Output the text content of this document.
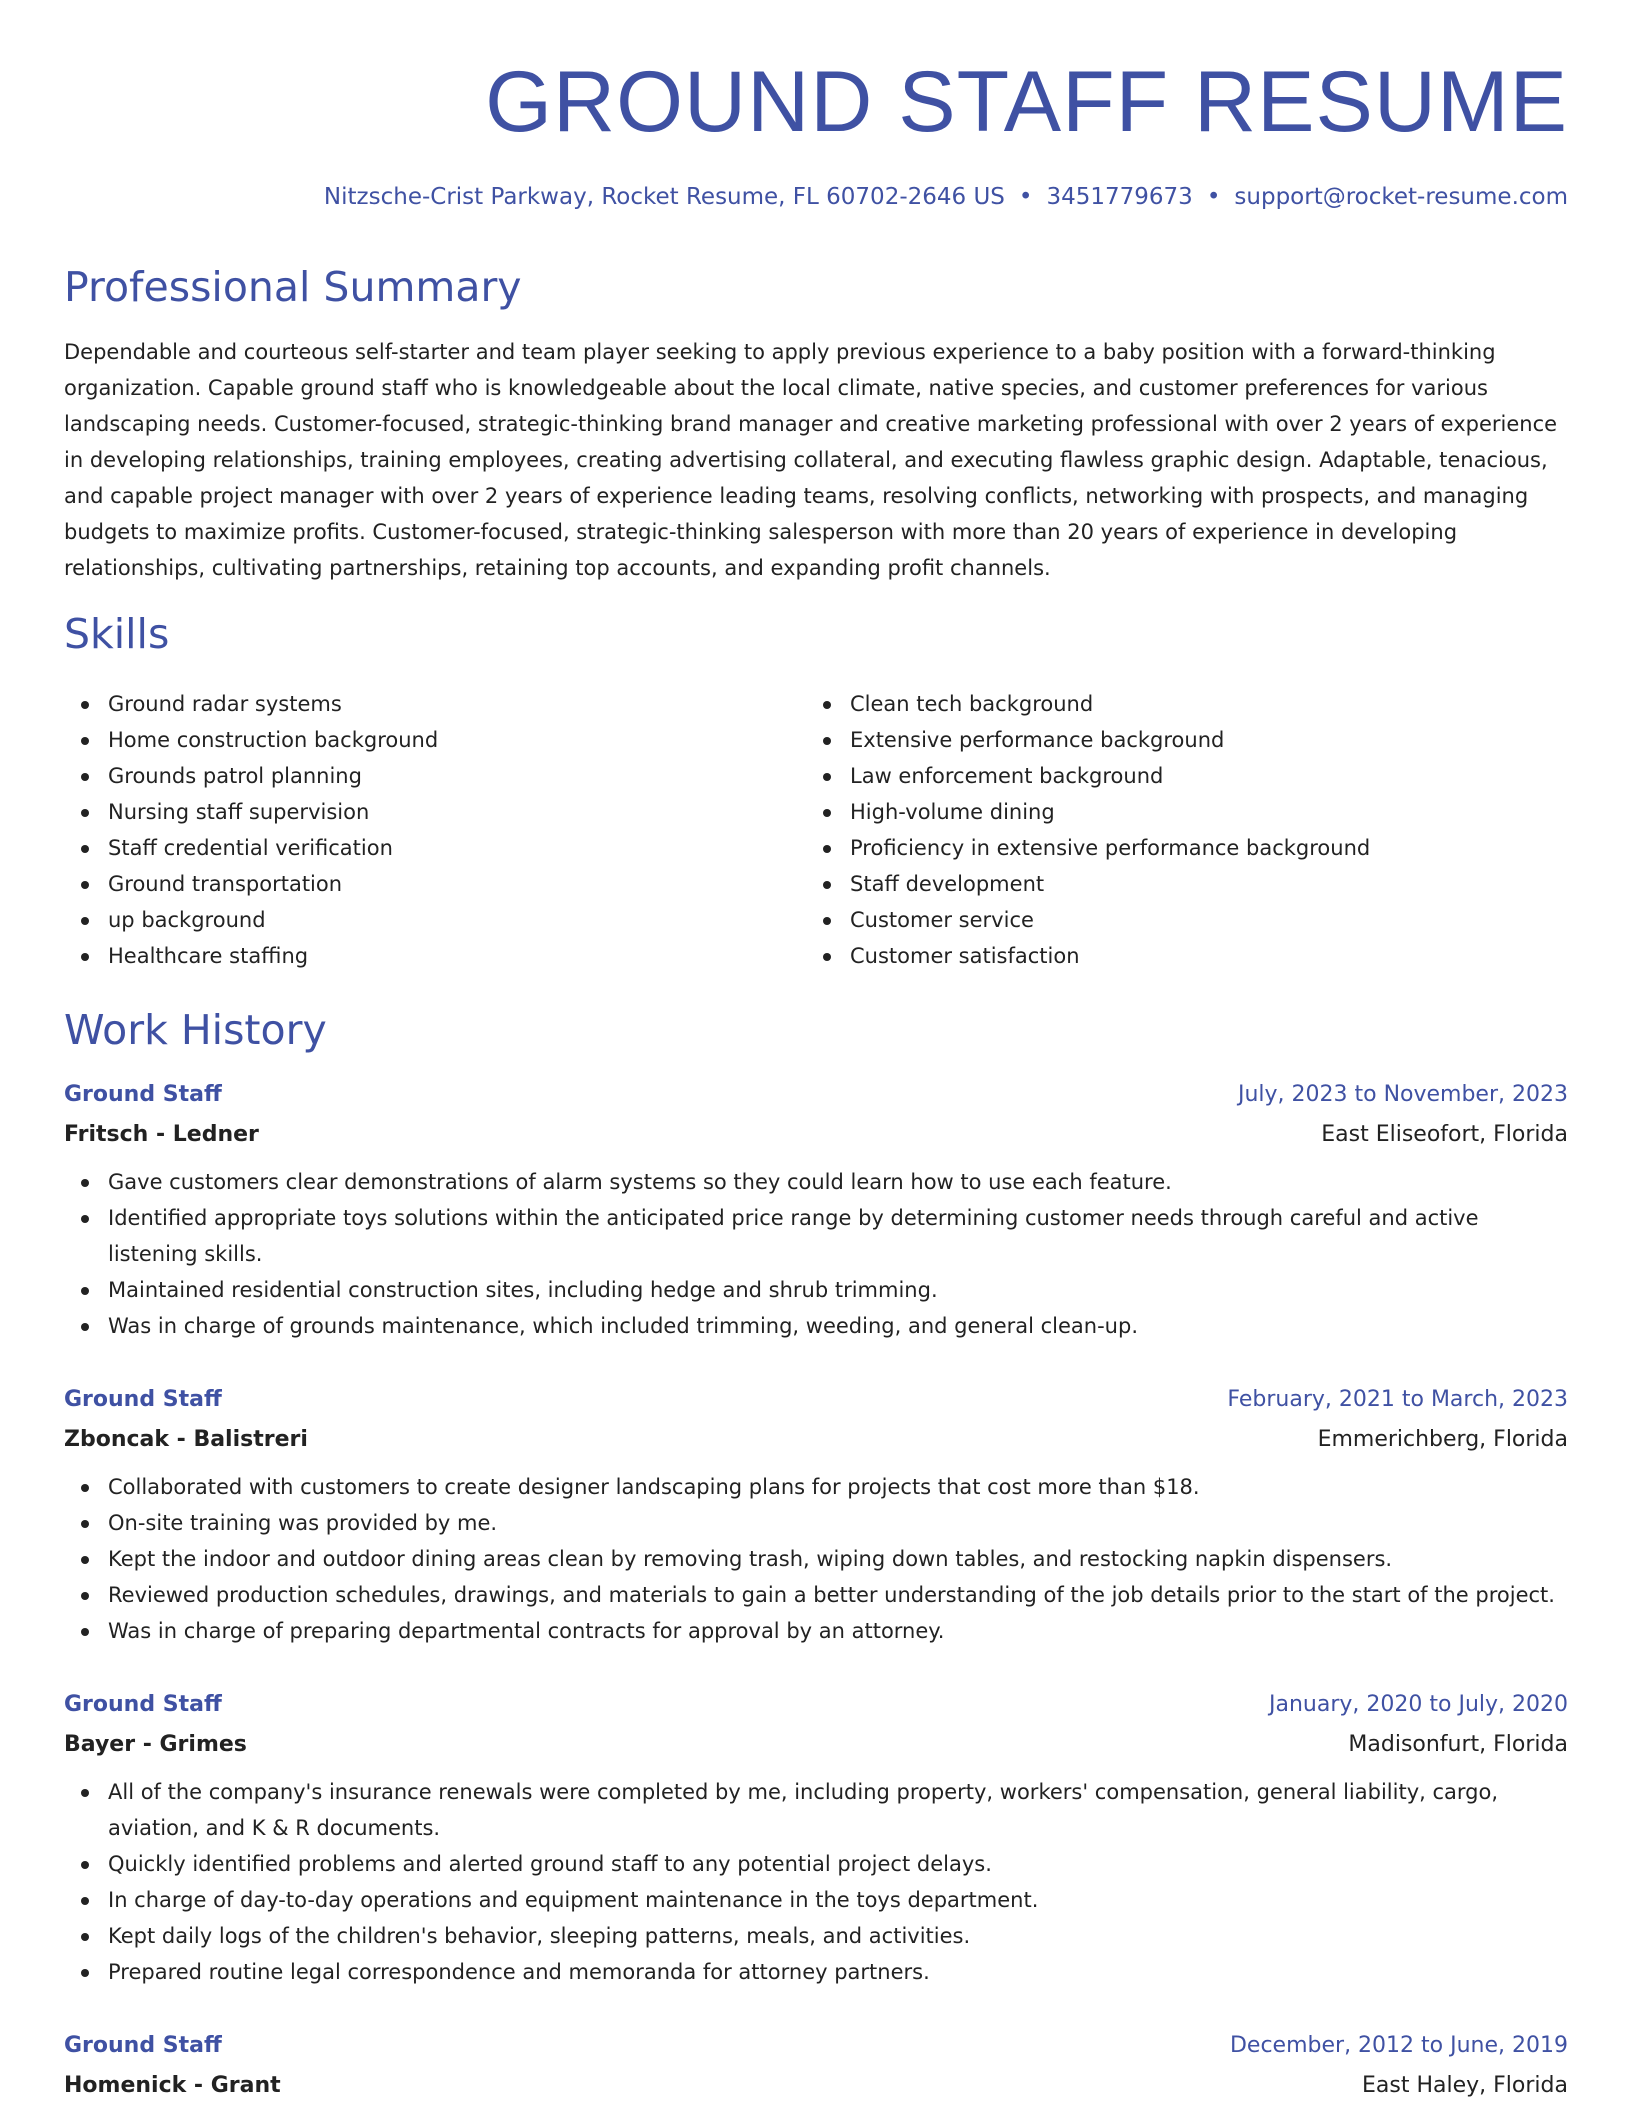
GROUND STAFF RESUME
Nitzsche-Crist Parkway, Rocket Resume, FL 60702-2646 US • 3451779673 • support@rocket-resume.com
Professional Summary

Dependable and courteous self-starter and team player seeking to apply previous experience to a baby position with a forward-thinking organization. Capable ground staff who is knowledgeable about the local climate, native species, and customer preferences for various landscaping needs. Customer-focused, strategic-thinking brand manager and creative marketing professional with over 2 years of experience in developing relationships, training employees, creating advertising collateral, and executing flawless graphic design. Adaptable, tenacious, and capable project manager with over 2 years of experience leading teams, resolving conflicts, networking with prospects, and managing budgets to maximize profits. Customer-focused, strategic-thinking salesperson with more than 20 years of experience in developing relationships, cultivating partnerships, retaining top accounts, and expanding profit channels.

Skills
Ground radar systems
Home construction background
Grounds patrol planning
Nursing staff supervision
Staff credential verification
Ground transportation
up background
Healthcare staffing
Clean tech background
Extensive performance background
Law enforcement background
High-volume dining
Proficiency in extensive performance background
Staff development
Customer service
Customer satisfaction
Work History
Ground Staff	July, 2023 to November, 2023
Fritsch - Ledner	East Eliseofort, Florida
Gave customers clear demonstrations of alarm systems so they could learn how to use each feature.
Identified appropriate toys solutions within the anticipated price range by determining customer needs through careful and active listening skills.
Maintained residential construction sites, including hedge and shrub trimming.
Was in charge of grounds maintenance, which included trimming, weeding, and general clean-up.
Ground Staff	February, 2021 to March, 2023
Zboncak - Balistreri	Emmerichberg, Florida
Collaborated with customers to create designer landscaping plans for projects that cost more than $18.
On-site training was provided by me.
Kept the indoor and outdoor dining areas clean by removing trash, wiping down tables, and restocking napkin dispensers.
Reviewed production schedules, drawings, and materials to gain a better understanding of the job details prior to the start of the project.
Was in charge of preparing departmental contracts for approval by an attorney.
Ground Staff	January, 2020 to July, 2020
Bayer - Grimes	Madisonfurt, Florida
All of the company's insurance renewals were completed by me, including property, workers' compensation, general liability, cargo, aviation, and K & R documents.
Quickly identified problems and alerted ground staff to any potential project delays.
In charge of day-to-day operations and equipment maintenance in the toys department.
Kept daily logs of the children's behavior, sleeping patterns, meals, and activities.
Prepared routine legal correspondence and memoranda for attorney partners.
Ground Staff	December, 2012 to June, 2019
Homenick - Grant	East Haley, Florida
